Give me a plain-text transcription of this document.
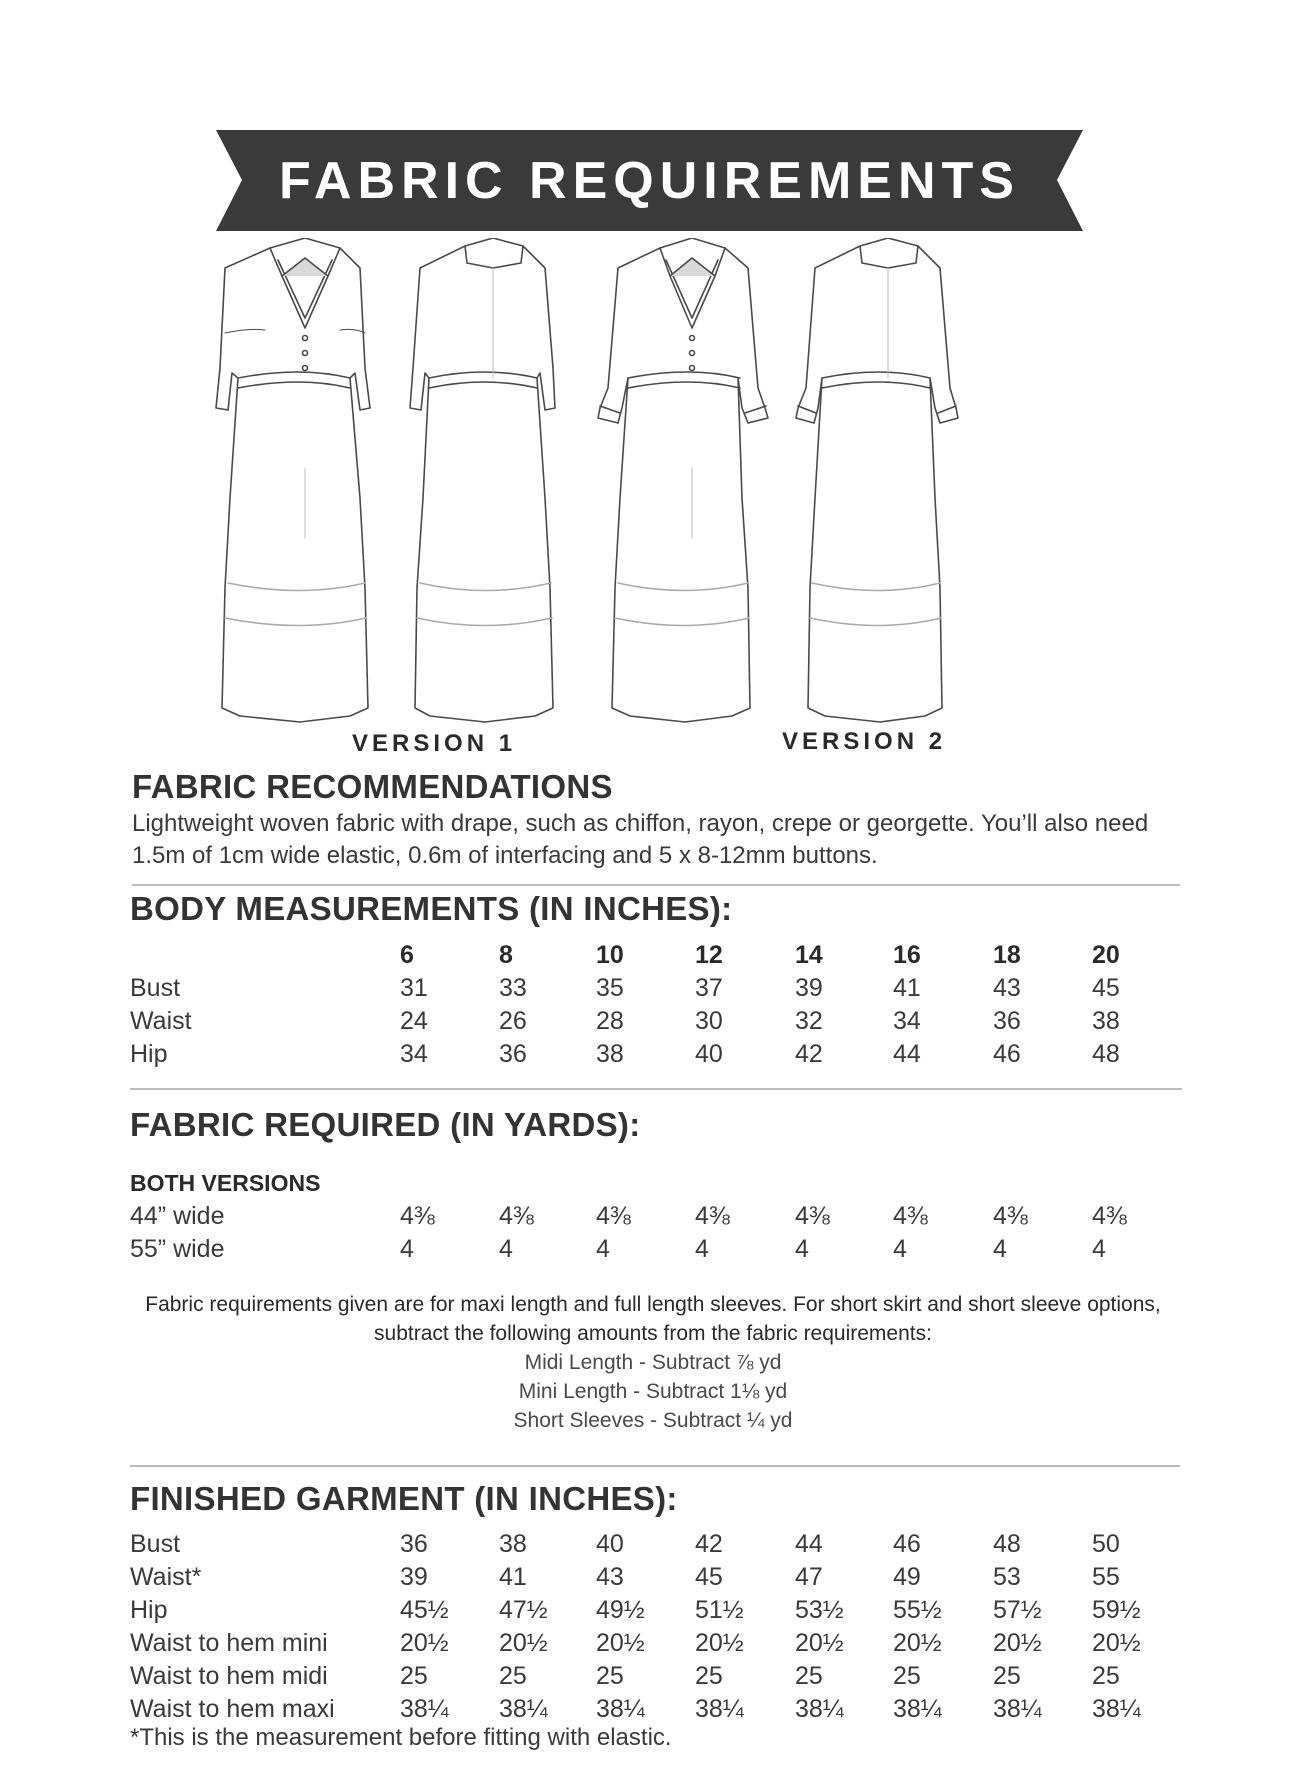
FABRIC REQUIREMENTS
VERSION 1	VERSION 2
FABRIC RECOMMENDATIONS
Lightweight woven fabric with drape, such as chiffon, rayon, crepe or georgette. You’ll also need
1.5m of 1cm wide elastic, 0.6m of interfacing and 5 x 8-12mm buttons.
BODY MEASUREMENTS (IN INCHES):
	6	8	10	12	14	16	18	20
Bust	31	33	35	37	39	41	43	45
Waist	24	26	28	30	32	34	36	38
Hip	34	36	38	40	42	44	46	48
FABRIC REQUIRED (IN YARDS):
BOTH VERSIONS
44” wide	4⅜	4⅜	4⅜	4⅜	4⅜	4⅜	4⅜	4⅜
55” wide	4	4	4	4	4	4	4	4
Fabric requirements given are for maxi length and full length sleeves. For short skirt and short sleeve options,
subtract the following amounts from the fabric requirements:
Midi Length - Subtract ⅞ yd
Mini Length - Subtract 1⅛ yd
Short Sleeves - Subtract ¼ yd
FINISHED GARMENT (IN INCHES):
Bust	36	38	40	42	44	46	48	50
Waist*	39	41	43	45	47	49	53	55
Hip	45½	47½	49½	51½	53½	55½	57½	59½
Waist to hem mini	20½	20½	20½	20½	20½	20½	20½	20½
Waist to hem midi	25	25	25	25	25	25	25	25
Waist to hem maxi	38¼	38¼	38¼	38¼	38¼	38¼	38¼	38¼
*This is the measurement before fitting with elastic.
